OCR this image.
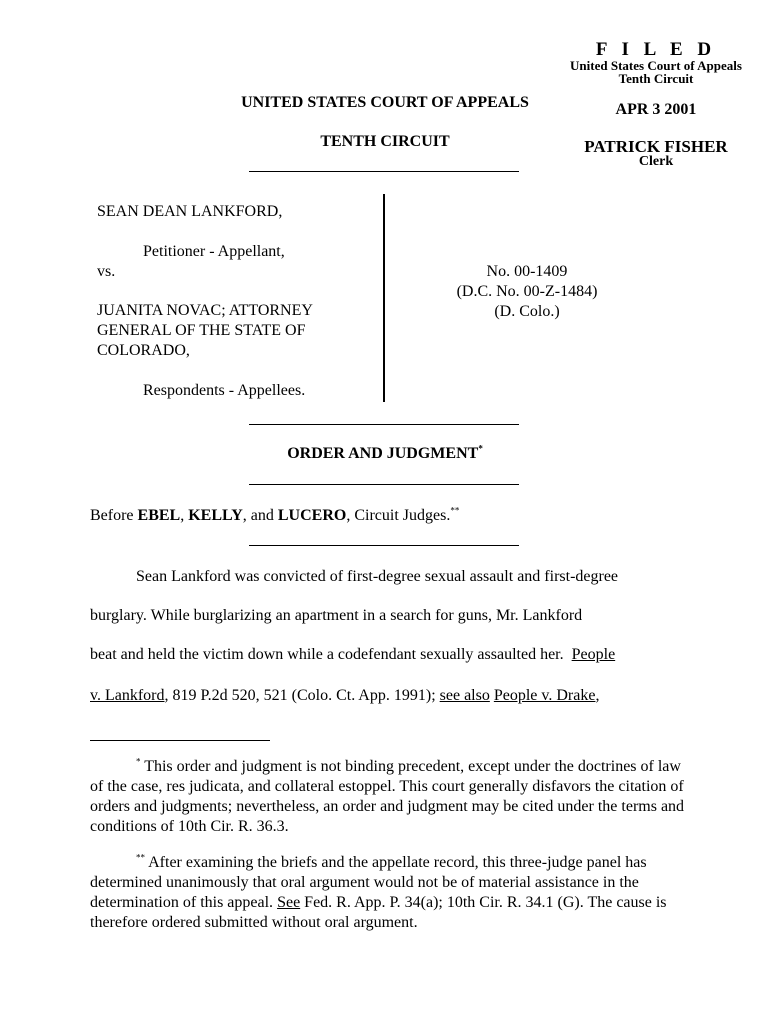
F I L E D
United States Court of Appeals
Tenth Circuit
APR 3 2001
PATRICK FISHER
Clerk
UNITED STATES COURT OF APPEALS
TENTH CIRCUIT
SEAN DEAN LANKFORD,
Petitioner - Appellant,
vs.
JUANITA NOVAC; ATTORNEY
GENERAL OF THE STATE OF
COLORADO,
Respondents - Appellees.
No. 00-1409
(D.C. No. 00-Z-1484)
(D. Colo.)
ORDER AND JUDGMENT*
Before EBEL, KELLY, and LUCERO, Circuit Judges.**
Sean Lankford was convicted of first-degree sexual assault and first-degree
burglary. While burglarizing an apartment in a search for guns, Mr. Lankford
beat and held the victim down while a codefendant sexually assaulted her.  People
v. Lankford, 819 P.2d 520, 521 (Colo. Ct. App. 1991); see also People v. Drake,
* This order and judgment is not binding precedent, except under the doctrines of law of the case, res judicata, and collateral estoppel. This court generally disfavors the citation of orders and judgments; nevertheless, an order and judgment may be cited under the terms and conditions of 10th Cir. R. 36.3.
** After examining the briefs and the appellate record, this three-judge panel has determined unanimously that oral argument would not be of material assistance in the determination of this appeal. See Fed. R. App. P. 34(a); 10th Cir. R. 34.1 (G). The cause is therefore ordered submitted without oral argument.
